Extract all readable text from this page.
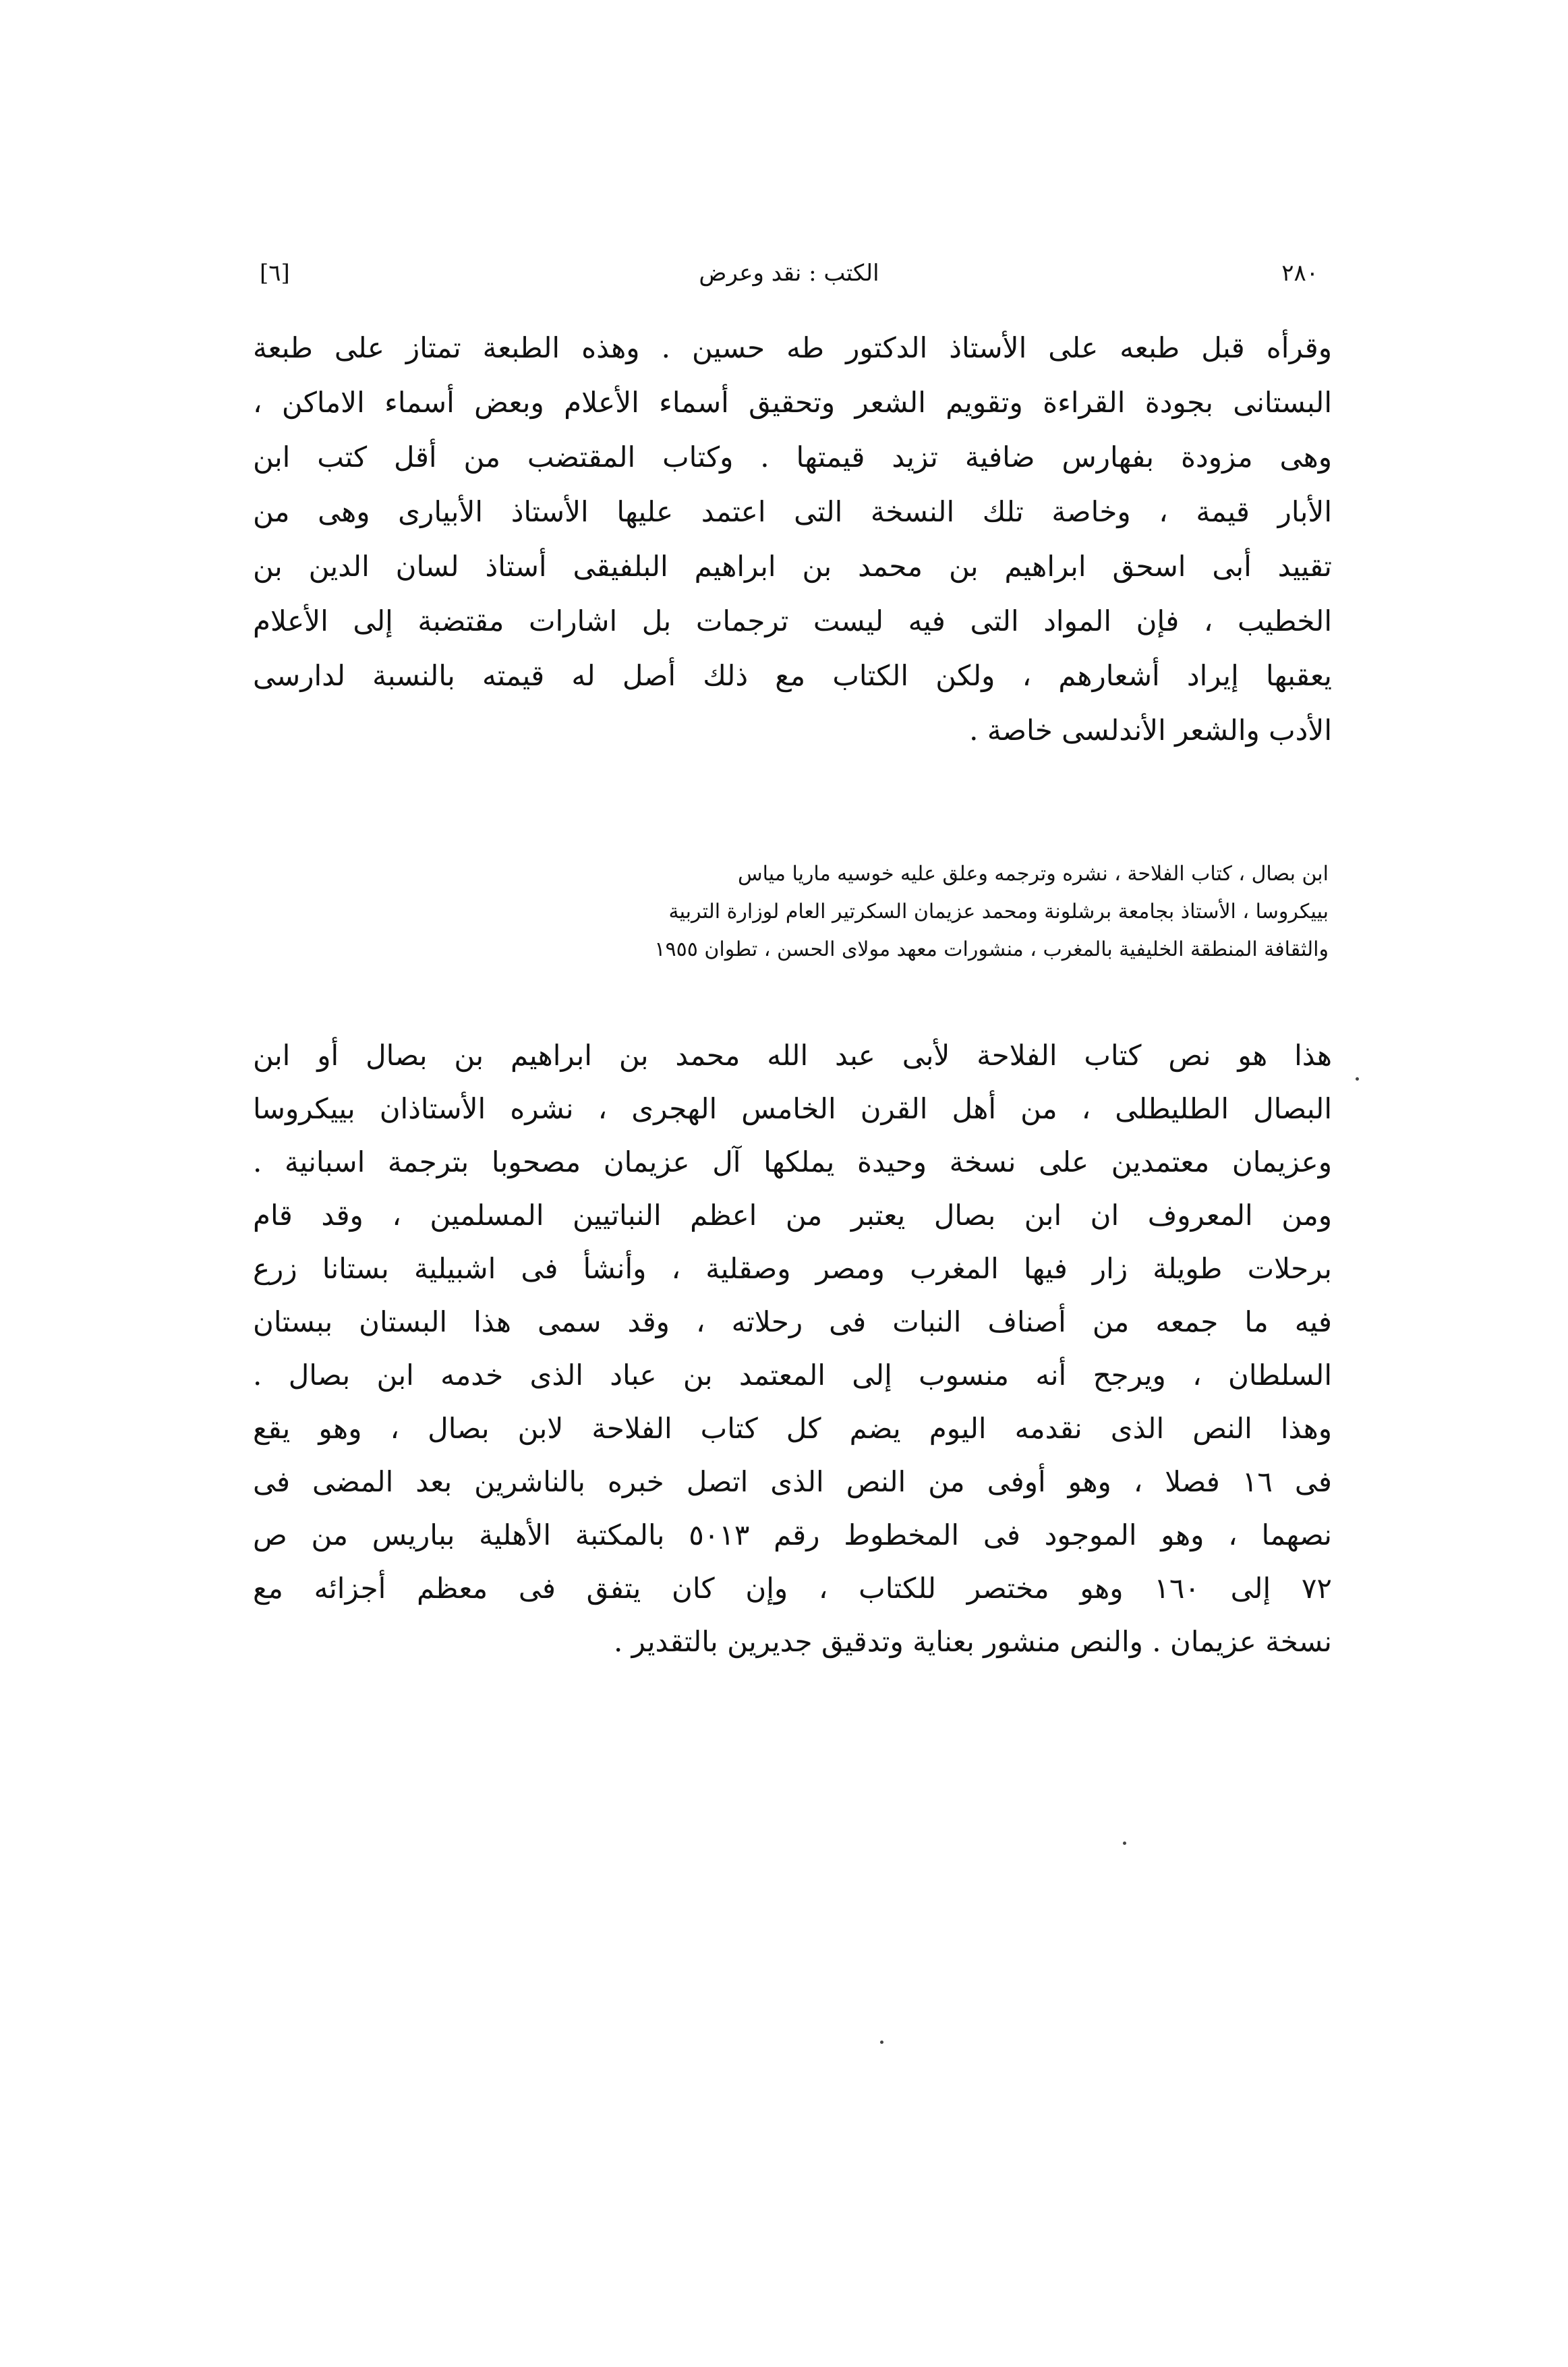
٢٨٠
الكتب : نقد وعرض
[٦]
وقرأه قبل طبعه على الأستاذ الدكتور طه حسين . وهذه الطبعة تمتاز على طبعة
البستانى بجودة القراءة وتقويم الشعر وتحقيق أسماء الأعلام وبعض أسماء الاماكن ،
وهى مزودة بفهارس ضافية تزيد قيمتها . وكتاب المقتضب من أقل كتب ابن
الأبار قيمة ، وخاصة تلك النسخة التى اعتمد عليها الأستاذ الأبيارى وهى من
تقييد أبى اسحق ابراهيم بن محمد بن ابراهيم البلفيقى أستاذ لسان الدين بن
الخطيب ، فإن المواد التى فيه ليست ترجمات بل اشارات مقتضبة إلى الأعلام
يعقبها إيراد أشعارهم ، ولكن الكتاب مع ذلك أصل له قيمته بالنسبة لدارسى
الأدب والشعر الأندلسى خاصة .
ابن بصال ، كتاب الفلاحة ، نشره وترجمه وعلق عليه خوسيه ماريا مياس
بييكروسا ، الأستاذ بجامعة برشلونة ومحمد عزيمان السكرتير العام لوزارة التربية
والثقافة المنطقة الخليفية بالمغرب ، منشورات معهد مولاى الحسن ، تطوان ١٩٥٥
هذا هو نص كتاب الفلاحة لأبى عبد الله محمد بن ابراهيم بن بصال أو ابن
البصال الطليطلى ، من أهل القرن الخامس الهجرى ، نشره الأستاذان بييكروسا
وعزيمان معتمدين على نسخة وحيدة يملكها آل عزيمان مصحوبا بترجمة اسبانية .
ومن المعروف ان ابن بصال يعتبر من اعظم النباتيين المسلمين ، وقد قام
برحلات طويلة زار فيها المغرب ومصر وصقلية ، وأنشأ فى اشبيلية بستانا زرع
فيه ما جمعه من أصناف النبات فى رحلاته ، وقد سمى هذا البستان ببستان
السلطان ، ويرجح أنه منسوب إلى المعتمد بن عباد الذى خدمه ابن بصال .
وهذا النص الذى نقدمه اليوم يضم كل كتاب الفلاحة لابن بصال ، وهو يقع
فى ١٦ فصلا ، وهو أوفى من النص الذى اتصل خبره بالناشرين بعد المضى فى
نصهما ، وهو الموجود فى المخطوط رقم ٥٠١٣ بالمكتبة الأهلية بباريس من ص
٧٢ إلى ١٦٠ وهو مختصر للكتاب ، وإن كان يتفق فى معظم أجزائه مع
نسخة عزيمان . والنص منشور بعناية وتدقيق جديرين بالتقدير .
